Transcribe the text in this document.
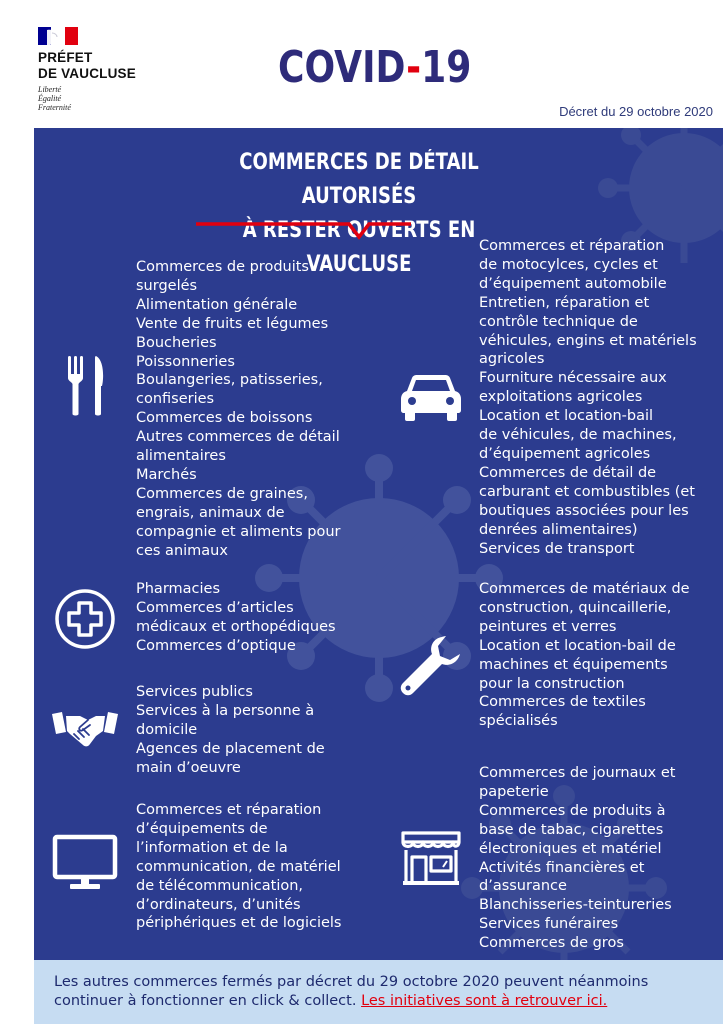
PRÉFET
DE VAUCLUSE
Liberté
Égalité
Fraternité
COVID-19
Décret du 29 octobre 2020
COMMERCES DE DÉTAIL AUTORISÉS
À RESTER OUVERTS EN VAUCLUSE
Commerces de produits
surgelés
Alimentation générale
Vente de fruits et légumes
Boucheries
Poissonneries
Boulangeries, patisseries,
confiseries
Commerces de boissons
Autres commerces de détail
alimentaires
Marchés
Commerces de graines,
engrais, animaux de
compagnie et aliments pour
ces animaux
Pharmacies
Commerces d’articles
médicaux et orthopédiques
Commerces d’optique
Services publics
Services à la personne à
domicile
Agences de placement de
main d’oeuvre
Commerces et réparation
d’équipements de
l’information et de la
communication, de matériel
de télécommunication,
d’ordinateurs, d’unités
périphériques et de logiciels
Commerces et réparation
de motocylces, cycles et
d’équipement automobile
Entretien, réparation et
contrôle technique de
véhicules, engins et matériels
agricoles
Fourniture nécessaire aux
exploitations agricoles
Location et location-bail
de véhicules, de machines,
d’équipement agricoles
Commerces de détail de
carburant et combustibles (et
boutiques associées pour les
denrées alimentaires)
Services de transport
Commerces de matériaux de
construction, quincaillerie,
peintures et verres
Location et location-bail de
machines et équipements
pour la construction
Commerces de textiles
spécialisés
Commerces de journaux et
papeterie
Commerces de produits à
base de tabac, cigarettes
électroniques et matériel
Activités financières et
d’assurance
Blanchisseries-teintureries
Services funéraires
Commerces de gros
Les autres commerces fermés par décret du 29 octobre 2020 peuvent néanmoins
continuer à fonctionner en click & collect. Les initiatives sont à retrouver ici.
